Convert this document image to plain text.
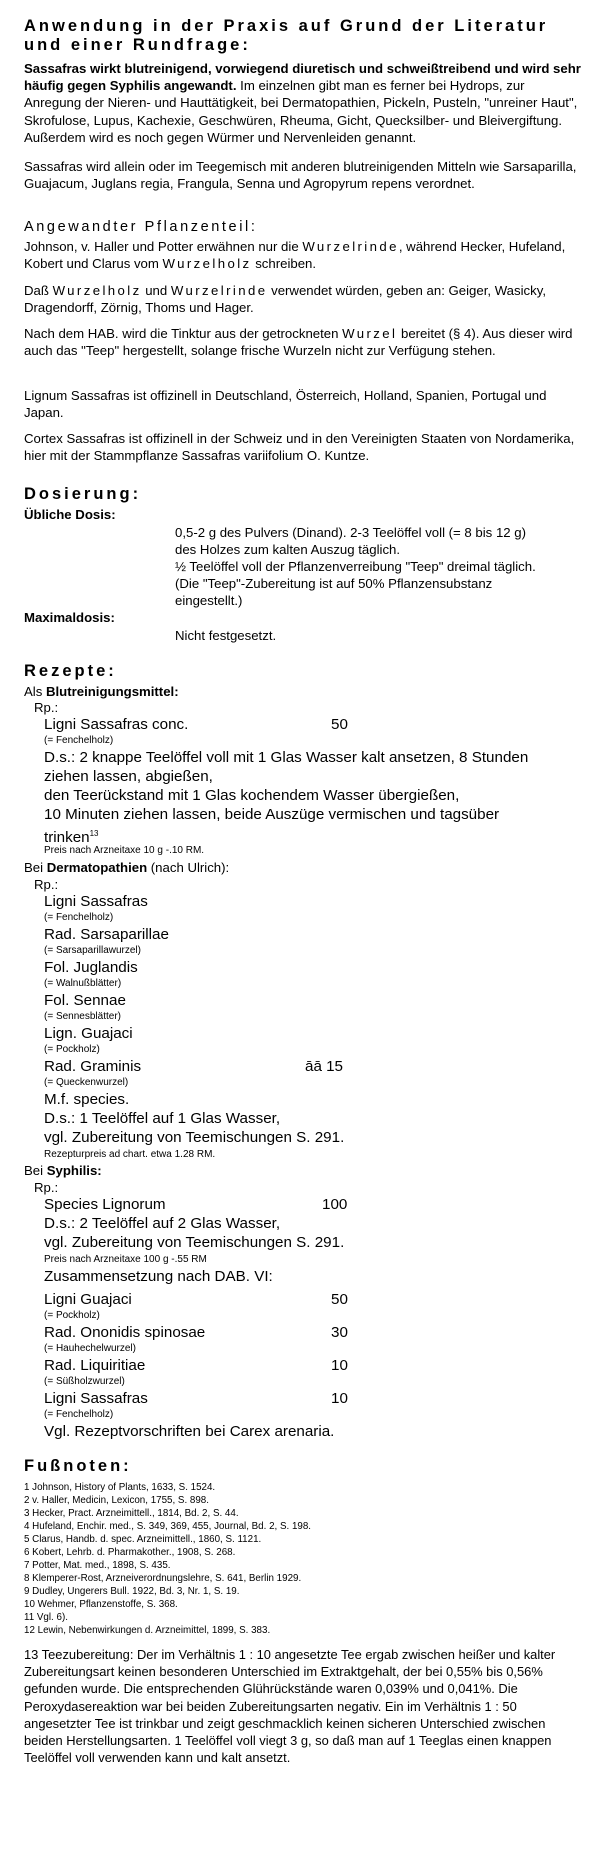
Anwendung in der Praxis auf Grund der Literatur
und einer Rundfrage:
Sassafras wirkt blutreinigend, vorwiegend diuretisch und schweißtreibend und wird sehr häufig gegen Syphilis angewandt. Im einzelnen gibt man es ferner bei Hydrops, zur Anregung der Nieren- und Hauttätigkeit, bei Dermatopathien, Pickeln, Pusteln, "unreiner Haut", Skrofulose, Lupus, Kachexie, Geschwüren, Rheuma, Gicht, Quecksilber- und Bleivergiftung. Außerdem wird es noch gegen Würmer und Nervenleiden genannt.
Sassafras wird allein oder im Teegemisch mit anderen blutreinigenden Mitteln wie Sarsaparilla, Guajacum, Juglans regia, Frangula, Senna und Agropyrum repens verordnet.
Angewandter Pflanzenteil:
Johnson, v. Haller und Potter erwähnen nur die Wurzelrinde, während Hecker, Hufeland, Kobert und Clarus vom Wurzelholz schreiben.
Daß Wurzelholz und Wurzelrinde verwendet würden, geben an: Geiger, Wasicky, Dragendorff, Zörnig, Thoms und Hager.
Nach dem HAB. wird die Tinktur aus der getrockneten Wurzel bereitet (§ 4). Aus dieser wird auch das "Teep" hergestellt, solange frische Wurzeln nicht zur Verfügung stehen.
Lignum Sassafras ist offizinell in Deutschland, Österreich, Holland, Spanien, Portugal und Japan.
Cortex Sassafras ist offizinell in der Schweiz und in den Vereinigten Staaten von Nordamerika, hier mit der Stammpflanze Sassafras variifolium O. Kuntze.
Dosierung:
Übliche Dosis:
0,5-2 g des Pulvers (Dinand). 2-3 Teelöffel voll (= 8 bis 12 g)
des Holzes zum kalten Auszug täglich.
½ Teelöffel voll der Pflanzenverreibung "Teep" dreimal täglich.
(Die "Teep"-Zubereitung ist auf 50% Pflanzensubstanz
eingestellt.)
Maximaldosis:
Nicht festgesetzt.
Rezepte:
Als Blutreinigungsmittel:
Rp.:
Ligni Sassafras conc.	50
(= Fenchelholz)
D.s.: 2 knappe Teelöffel voll mit 1 Glas Wasser kalt ansetzen, 8 Stunden
ziehen lassen, abgießen,
den Teerückstand mit 1 Glas kochendem Wasser übergießen,
10 Minuten ziehen lassen, beide Auszüge vermischen und tagsüber
trinken$^{13}$
Preis nach Arzneitaxe 10 g -.10 RM.
Bei Dermatopathien (nach Ulrich):
Rp.:
Ligni Sassafras
(= Fenchelholz)
Rad. Sarsaparillae
(= Sarsaparillawurzel)
Fol. Juglandis
(= Walnußblätter)
Fol. Sennae
(= Sennesblätter)
Lign. Guajaci
(= Pockholz)
Rad. Graminis	āā 15
(= Queckenwurzel)
M.f. species.
D.s.: 1 Teelöffel auf 1 Glas Wasser,
vgl. Zubereitung von Teemischungen S. 291.
Rezepturpreis ad chart. etwa 1.28 RM.
Bei Syphilis:
Rp.:
Species Lignorum	100
D.s.: 2 Teelöffel auf 2 Glas Wasser,
vgl. Zubereitung von Teemischungen S. 291.
Preis nach Arzneitaxe 100 g -.55 RM
Zusammensetzung nach DAB. VI:
Ligni Guajaci	50
(= Pockholz)
Rad. Ononidis spinosae	30
(= Hauhechelwurzel)
Rad. Liquiritiae	10
(= Süßholzwurzel)
Ligni Sassafras	10
(= Fenchelholz)
Vgl. Rezeptvorschriften bei Carex arenaria.
Fußnoten:
1 Johnson, History of Plants, 1633, S. 1524.
2 v. Haller, Medicin, Lexicon, 1755, S. 898.
3 Hecker, Pract. Arzneimittell., 1814, Bd. 2, S. 44.
4 Hufeland, Enchir. med., S. 349, 369, 455, Journal, Bd. 2, S. 198.
5 Clarus, Handb. d. spec. Arzneimittell., 1860, S. 1121.
6 Kobert, Lehrb. d. Pharmakother., 1908, S. 268.
7 Potter, Mat. med., 1898, S. 435.
8 Klemperer-Rost, Arzneiverordnungslehre, S. 641, Berlin 1929.
9 Dudley, Ungerers Bull. 1922, Bd. 3, Nr. 1, S. 19.
10 Wehmer, Pflanzenstoffe, S. 368.
11 Vgl. 6).
12 Lewin, Nebenwirkungen d. Arzneimittel, 1899, S. 383.
13 Teezubereitung: Der im Verhältnis 1 : 10 angesetzte Tee ergab zwischen heißer und kalter Zubereitungsart keinen besonderen Unterschied im Extraktgehalt, der bei 0,55% bis 0,56% gefunden wurde. Die entsprechenden Glührückstände waren 0,039% und 0,041%. Die Peroxydasereaktion war bei beiden Zubereitungsarten negativ. Ein im Verhältnis 1 : 50 angesetzter Tee ist trinkbar und zeigt geschmacklich keinen sicheren Unterschied zwischen beiden Herstellungsarten. 1 Teelöffel voll viegt 3 g, so daß man auf 1 Teeglas einen knappen Teelöffel voll verwenden kann und kalt ansetzt.
